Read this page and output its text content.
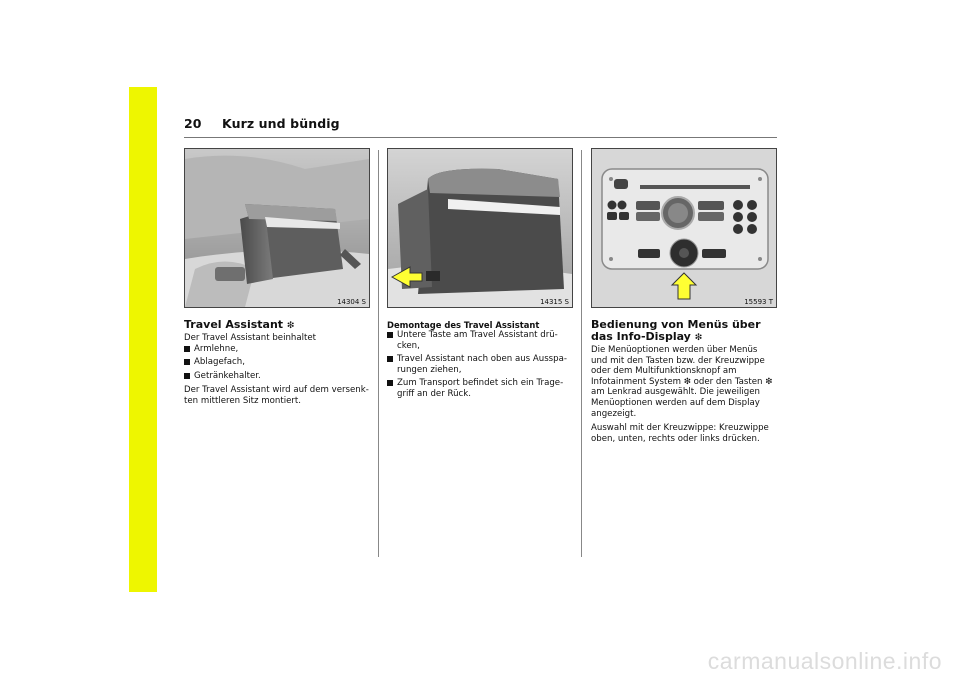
20 Kurz und bündig
14304 S	14315 S	15593 T
Travel Assistant ❇

Der Travel Assistant beinhaltet

Armlehne,
Ablagefach,
Getränkehalter.

Der Travel Assistant wird auf dem versenk-ten mittleren Sitz montiert.

Demontage des Travel Assistant
Untere Taste am Travel Assistant drü-cken,
Travel Assistant nach oben aus Ausspa-rungen ziehen,
Zum Transport befindet sich ein Trage-griff an der Rück.
Bedienung von Menüs über das Info-Display ❇

Die Menüoptionen werden über Menüs und mit den Tasten bzw. der Kreuzwippe oder dem Multifunktionsknopf am Infotainment System ❇ oder den Tasten ❇ am Lenkrad ausgewählt. Die jeweiligen Menüoptionen werden auf dem Display angezeigt.

Auswahl mit der Kreuzwippe: Kreuzwippe oben, unten, rechts oder links drücken.

carmanualsonline.info
